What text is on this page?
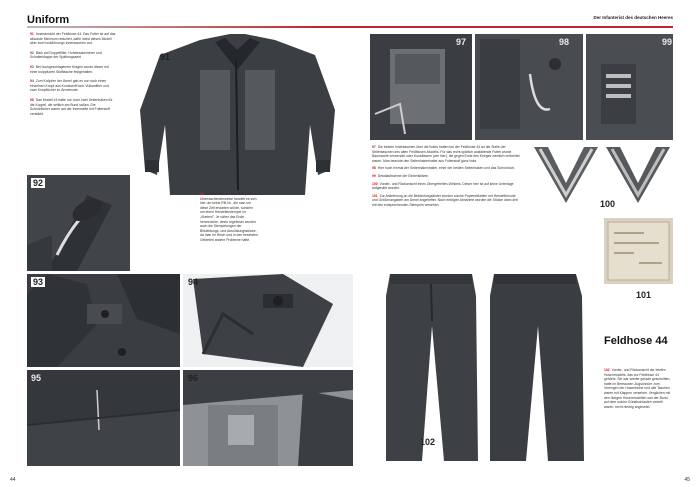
Uniform	Der Infanterist des deutschen Heeres
91 Innenansicht der Feldbluse 44. Das Futter ist auf das absolute Minimum reduziert, dafür weist dieses Modell aber zwei lockführungs Innentaschen auf.
92 Blick auf Doppelfilter, Hohetraakenchen und Schulterklappe der Spätkrogsaent
93 Bei hochgeschlagenem Kragen wurde dieser mit einer kolppfunen Stofflasche festgehalten.
94 Zum Knöpfen der Ärmel gab es nur noch einen einzelnen Knopf aus Kunststoff bzw. Vulkanfiber und zwei Knopflöcher im Ärmelende.
95 Das Modell 44 hatte nur noch zwei Seitenhaken für die Koppel, die seitlich am Bund saßen. Die Schnürlöcher waren auf der Innenseite mit Futterstoff verstärkt.
91
96 Detailaufnahme des Stempels. Überraschenderweise handelt es sich hier um keine RB-Nr., die man um diese Zeit erwarten würde, sondern um einen Herstellerstempel im „Klartext". Je näher das Ende heranrückte, desto regelloser wurden auch die Stempelungen der Bekleidungs- und Ausrüstungsstücke, da man im Reich und in den besetzten Gebieten andere Probleme hatte.
92
93	94
95	96
44
97	98	99
97 Die beiden Innentaschen über die linkes hatten bei der Feldbluse 44 an die Stelle der Seitentaschen des alten Feldblusen-Modells. Für das recht spärlich ausfallende Futter wurde Baumwolle verwendet oder Kunstfasern (wie hier), die gegen Ende des Krieges ziemlich verbreitet waren. Man beachte den Seitenhakenhalter aus Futterstoff ganz links.
98 Hier noch einmal der Seitenhakenhalter, einer der beiden Seitenhaken und das Schnürloch.
99 Detailaufnahme der Einheitslitzen.
100 Vorder- und Rückansicht eines Obergefreiten-Winkels. Dieser hier ist auf keine Unterlage aufgenäht worden.
101 Zur Anlieferung an die Bekleidungsämter wurden solche Papieretiketten mit Herstellercode und Größenangaben am Ärmel angeheftet. Nach erfolgter Abnahme wurden die Stücke dann drei mit den entsprechenden Stempeln versehen.	100
101
102
Feldhose 44
102 Vorder- und Rückansicht der letzten Hosenmodells, das zur Feldbluse 44 gehörte. Sie war wieder gerade geschnitten, hatte im Bereausen Zugschnüre zum Verengen der Hosenbeine und alle Taschen waren mit Klappen versehen. Verglichen mit den übrigen Hosenmodellen war der Bund, auf dem solche Gürtelschlaufen verteilt waren, recht niedrig angesetzt.
45
